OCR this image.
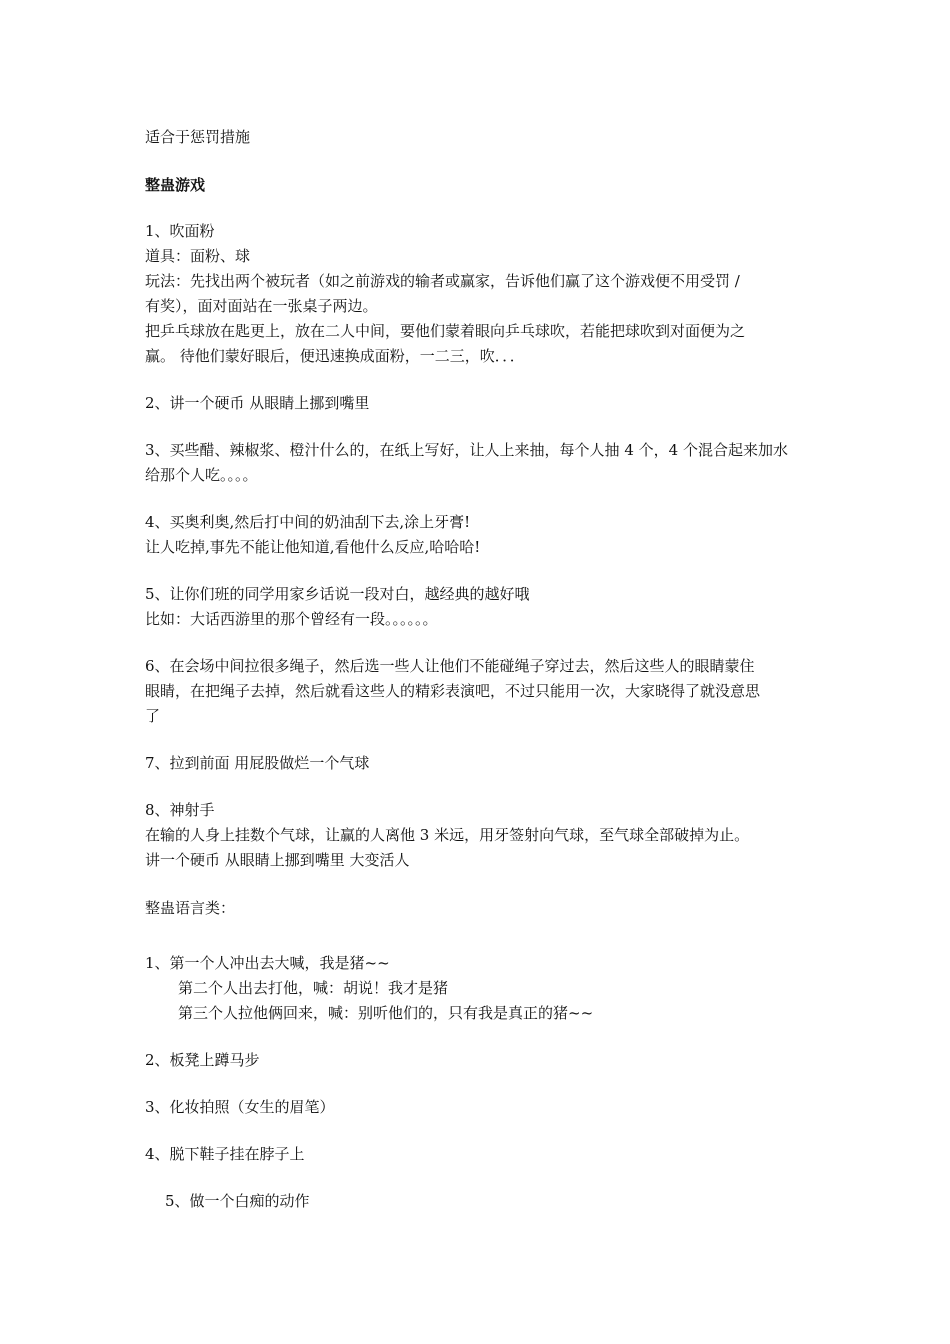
适合于惩罚措施
整蛊游戏
1、吹面粉
道具：面粉、球
玩法：先找出两个被玩者（如之前游戏的输者或赢家，告诉他们赢了这个游戏便不用受罚 /
有奖），面对面站在一张桌子两边。
把乒乓球放在匙更上，放在二人中间，要他们蒙着眼向乒乓球吹，若能把球吹到对面便为之
赢。 待他们蒙好眼后，便迅速换成面粉，一二三，吹．．．
2、讲一个硬币 从眼睛上挪到嘴里
3、买些醋、辣椒浆、橙汁什么的，在纸上写好，让人上来抽，每个人抽 4 个，4 个混合起来加水
给那个人吃。。。。
4、买奥利奥,然后打中间的奶油刮下去,涂上牙膏!
让人吃掉,事先不能让他知道,看他什么反应,哈哈哈!
5、让你们班的同学用家乡话说一段对白，越经典的越好哦
比如：大话西游里的那个曾经有一段。。。。。。
6、在会场中间拉很多绳子，然后选一些人让他们不能碰绳子穿过去，然后这些人的眼睛蒙住
眼睛，在把绳子去掉，然后就看这些人的精彩表演吧，不过只能用一次，大家晓得了就没意思
了
7、拉到前面 用屁股做烂一个气球
8、神射手
在输的人身上挂数个气球，让赢的人离他 3 米远，用牙签射向气球，至气球全部破掉为止。
讲一个硬币 从眼睛上挪到嘴里 大变活人
整蛊语言类：
1、第一个人冲出去大喊，我是猪~~
第二个人出去打他，喊：胡说！我才是猪
第三个人拉他俩回来，喊：别听他们的，只有我是真正的猪~~
2、板凳上蹲马步
3、化妆拍照（女生的眉笔）
4、脱下鞋子挂在脖子上
5、做一个白痴的动作
